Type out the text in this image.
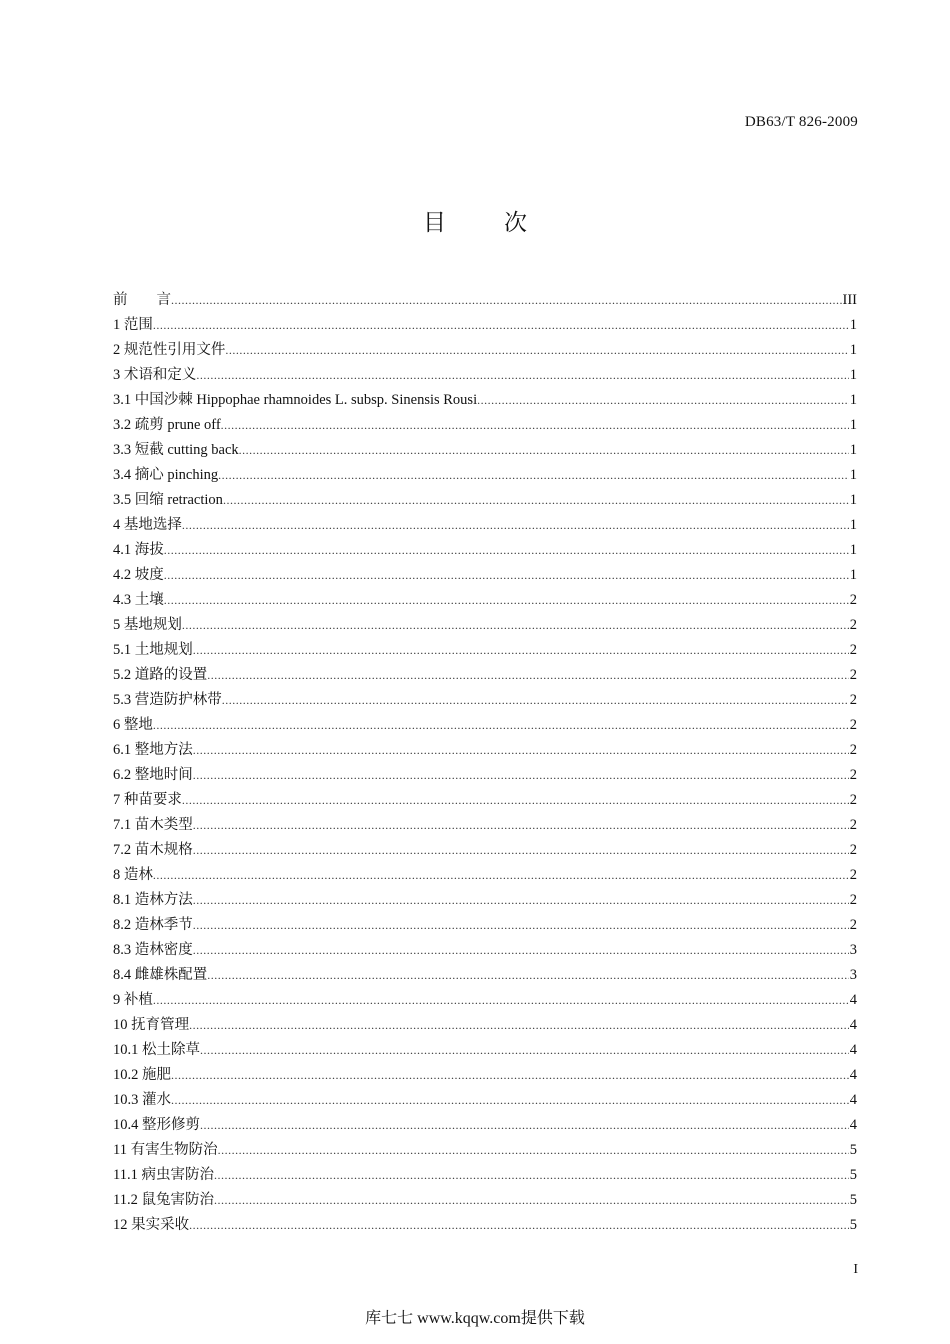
DB63/T 826-2009
目	次
前　　言 .....	III
1 范围 .....	1
2 规范性引用文件 .....	1
3 术语和定义 .....	1
3.1 中国沙棘 Hippophae rhamnoides L. subsp. Sinensis Rousi .....	1
3.2 疏剪 prune off .....	1
3.3 短截 cutting back .....	1
3.4 摘心 pinching .....	1
3.5 回缩 retraction .....	1
4 基地选择 .....	1
4.1 海拔 .....	1
4.2 坡度 .....	1
4.3 土壤 .....	2
5 基地规划 .....	2
5.1 土地规划 .....	2
5.2 道路的设置 .....	2
5.3 营造防护林带 .....	2
6 整地 .....	2
6.1 整地方法 .....	2
6.2 整地时间 .....	2
7 种苗要求 .....	2
7.1 苗木类型 .....	2
7.2 苗木规格 .....	2
8 造林 .....	2
8.1 造林方法 .....	2
8.2 造林季节 .....	2
8.3 造林密度 .....	3
8.4 雌雄株配置 .....	3
9 补植 .....	4
10 抚育管理 .....	4
10.1 松土除草 .....	4
10.2 施肥 .....	4
10.3 灌水 .....	4
10.4 整形修剪 .....	4
11 有害生物防治 .....	5
11.1 病虫害防治 .....	5
11.2 鼠兔害防治 .....	5
12 果实采收 .....	5
I
库七七 www.kqqw.com提供下载
